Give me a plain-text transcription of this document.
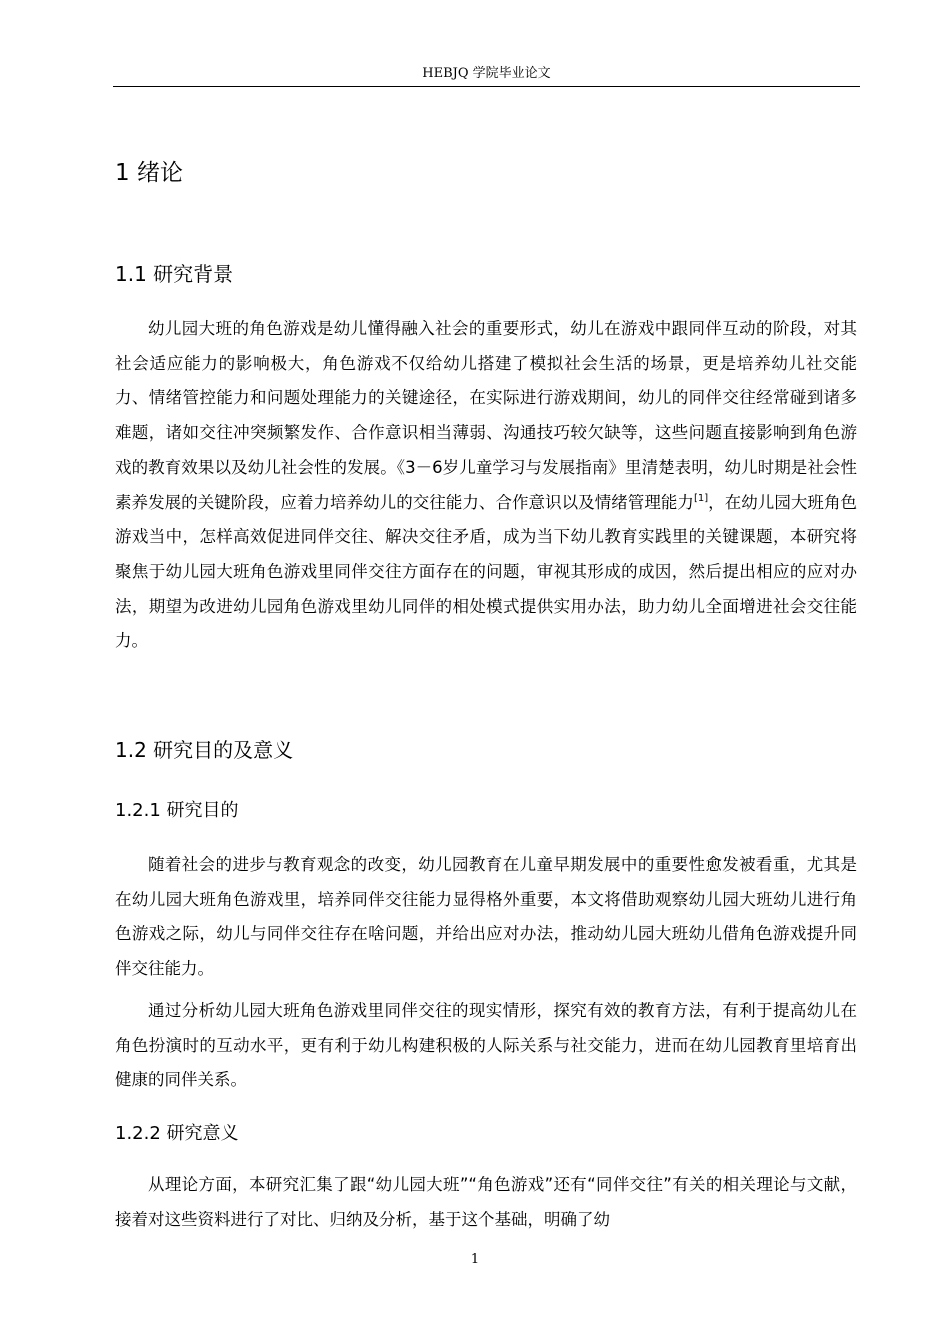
HEBJQ 学院毕业论文
1 绪论
1.1 研究背景

幼儿园大班的角色游戏是幼儿懂得融入社会的重要形式，幼儿在游戏中跟同伴互动的阶段，对其社会适应能力的影响极大，角色游戏不仅给幼儿搭建了模拟社会生活的场景，更是培养幼儿社交能力、情绪管控能力和问题处理能力的关键途径，在实际进行游戏期间，幼儿的同伴交往经常碰到诸多难题，诸如交往冲突频繁发作、合作意识相当薄弱、沟通技巧较欠缺等，这些问题直接影响到角色游戏的教育效果以及幼儿社会性的发展。《3－6岁儿童学习与发展指南》里清楚表明，幼儿时期是社会性素养发展的关键阶段，应着力培养幼儿的交往能力、合作意识以及情绪管理能力[1]，在幼儿园大班角色游戏当中，怎样高效促进同伴交往、解决交往矛盾，成为当下幼儿教育实践里的关键课题，本研究将聚焦于幼儿园大班角色游戏里同伴交往方面存在的问题，审视其形成的成因，然后提出相应的应对办法，期望为改进幼儿园角色游戏里幼儿同伴的相处模式提供实用办法，助力幼儿全面增进社会交往能力。

1.2 研究目的及意义
1.2.1 研究目的

随着社会的进步与教育观念的改变，幼儿园教育在儿童早期发展中的重要性愈发被看重，尤其是在幼儿园大班角色游戏里，培养同伴交往能力显得格外重要，本文将借助观察幼儿园大班幼儿进行角色游戏之际，幼儿与同伴交往存在啥问题，并给出应对办法，推动幼儿园大班幼儿借角色游戏提升同伴交往能力。

通过分析幼儿园大班角色游戏里同伴交往的现实情形，探究有效的教育方法，有利于提高幼儿在角色扮演时的互动水平，更有利于幼儿构建积极的人际关系与社交能力，进而在幼儿园教育里培育出健康的同伴关系。

1.2.2 研究意义

从理论方面，本研究汇集了跟“幼儿园大班”“角色游戏”还有“同伴交往”有关的相关理论与文献，接着对这些资料进行了对比、归纳及分析，基于这个基础，明确了幼

1
